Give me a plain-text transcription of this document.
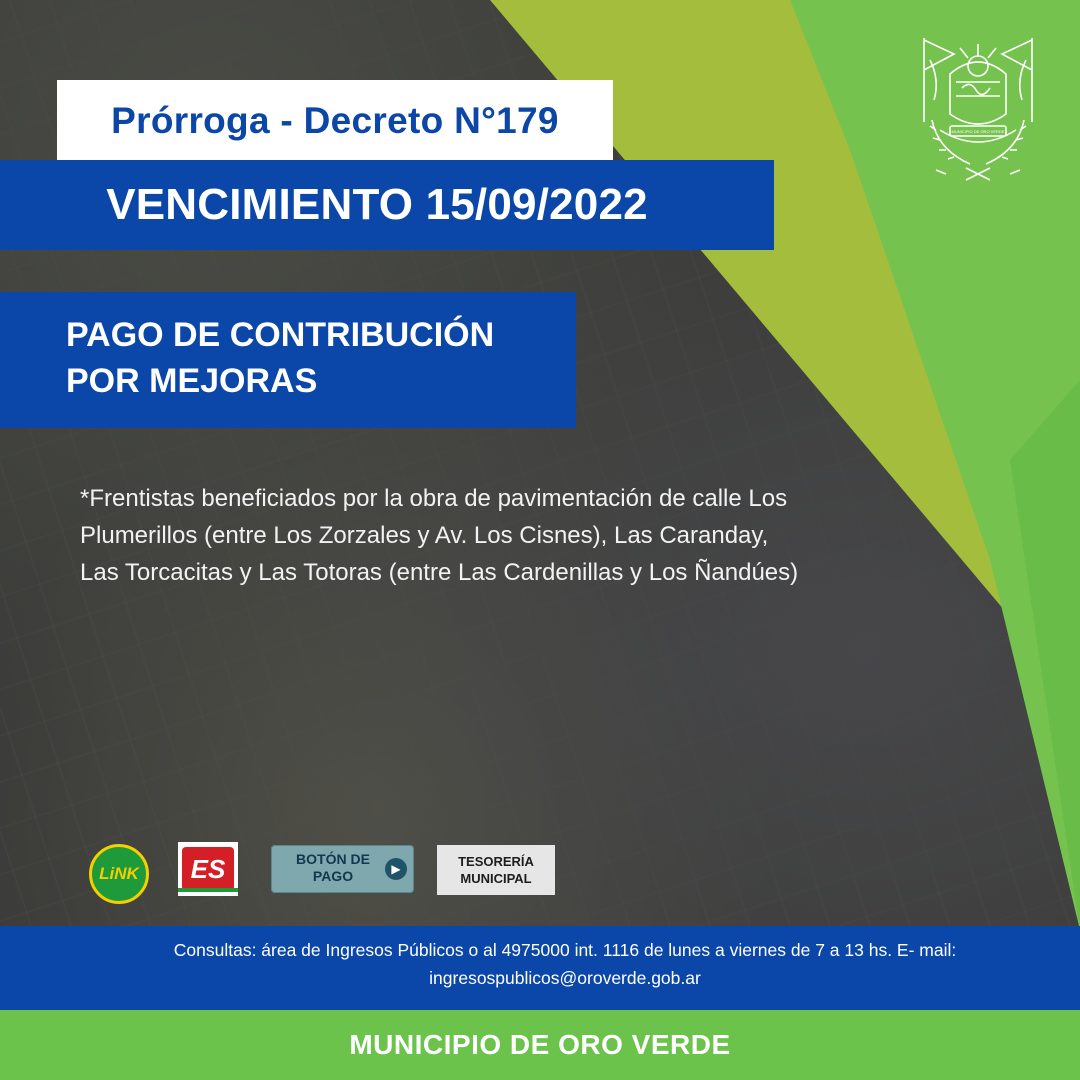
MUNICIPIO DE ORO VERDE
Prórroga - Decreto N°179
VENCIMIENTO 15/09/2022
PAGO DE CONTRIBUCIÓN POR MEJORAS
*Frentistas beneficiados por la obra de pavimentación de calle Los Plumerillos (entre Los Zorzales y Av. Los Cisnes), Las Caranday, Las Torcacitas y Las Totoras (entre Las Cardenillas y Los Ñandúes)
LiNK ES	BOTÓN DE PAGO	▶	TESORERÍA MUNICIPAL
Consultas: área de Ingresos Públicos o al 4975000 int. 1116 de lunes a viernes de 7 a 13 hs. E- mail: ingresospublicos@oroverde.gob.ar
MUNICIPIO DE ORO VERDE
